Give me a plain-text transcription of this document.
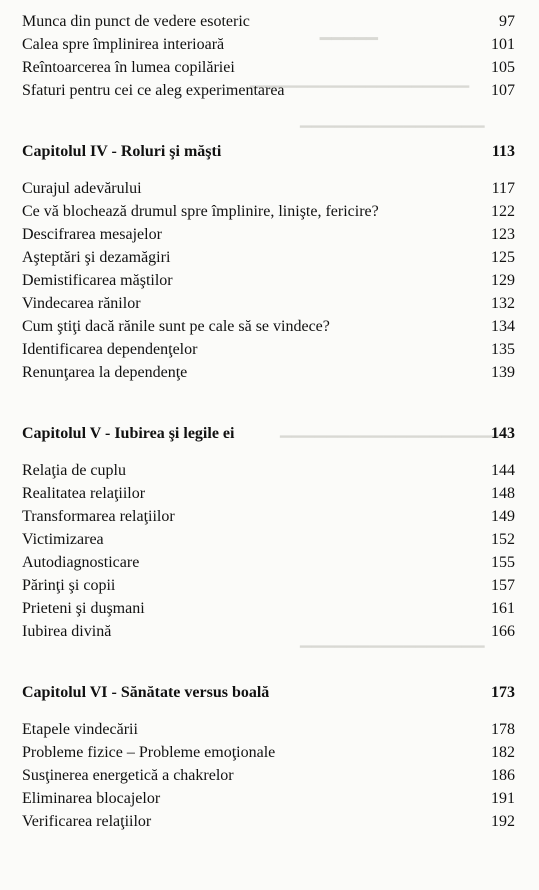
▁▁▁▁▁
▁▁▁▁▁▁▁▁▁▁▁▁▁▁▁▁▁▁▁
▁▁▁▁▁▁▁▁▁▁▁▁▁▁▁▁
▁▁▁▁▁▁▁▁▁▁▁▁▁▁▁▁▁▁▁
▁▁▁▁▁▁▁▁▁▁▁▁▁▁▁▁
Munca din punct de vedere esoteric	97
Calea spre împlinirea interioară	101
Reîntoarcerea în lumea copilăriei	105
Sfaturi pentru cei ce aleg experimentarea	107
Capitolul IV - Roluri şi măşti	113
Curajul adevărului	117
Ce vă blochează drumul spre împlinire, linişte, fericire?	122
Descifrarea mesajelor	123
Aşteptări şi dezamăgiri	125
Demistificarea măştilor	129
Vindecarea rănilor	132
Cum ştiţi dacă rănile sunt pe cale să se vindece?	134
Identificarea dependenţelor	135
Renunţarea la dependenţe	139
Capitolul V - Iubirea şi legile ei	143
Relaţia de cuplu	144
Realitatea relaţiilor	148
Transformarea relaţiilor	149
Victimizarea	152
Autodiagnosticare	155
Părinţi şi copii	157
Prieteni şi duşmani	161
Iubirea divină	166
Capitolul VI - Sănătate versus boală	173
Etapele vindecării	178
Probleme fizice – Probleme emoţionale	182
Susţinerea energetică a chakrelor	186
Eliminarea blocajelor	191
Verificarea relaţiilor	192
